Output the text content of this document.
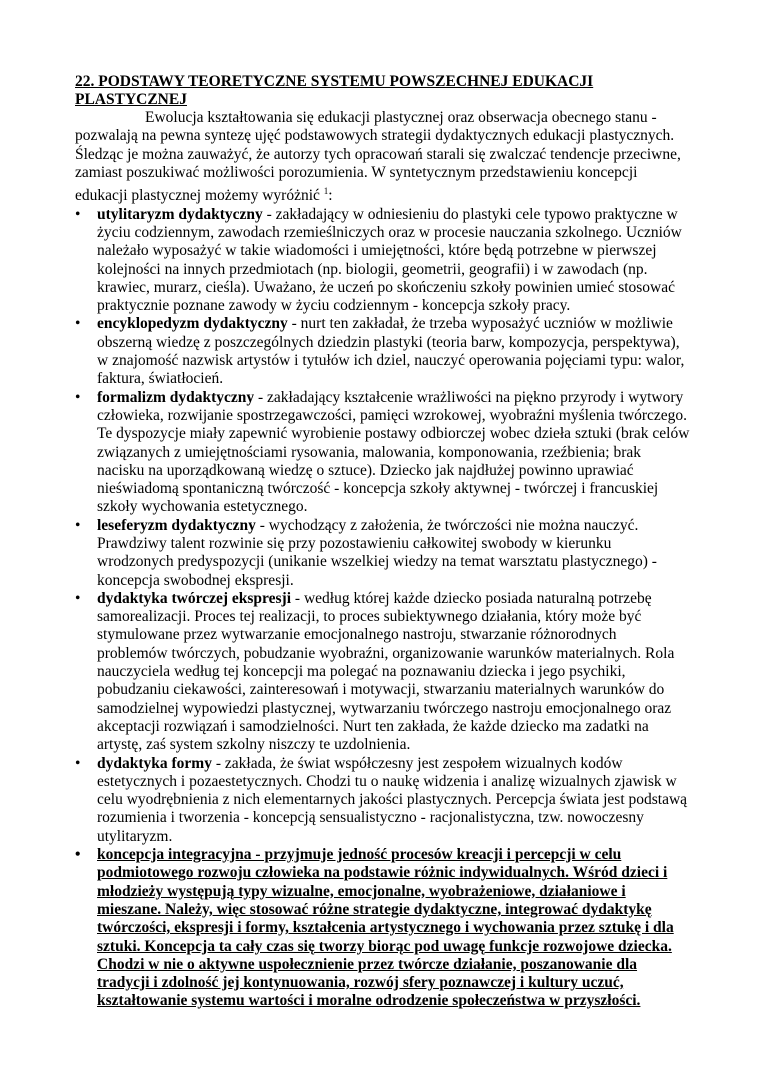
22. PODSTAWY TEORETYCZNE SYSTEMU POWSZECHNEJ EDUKACJI PLASTYCZNEJ

Ewolucja kształtowania się edukacji plastycznej oraz obserwacja obecnego stanu - pozwalają na pewna syntezę ujęć podstawowych strategii dydaktycznych edukacji plastycznych. Śledząc je można zauważyć, że autorzy tych opracowań starali się zwalczać tendencje przeciwne, zamiast poszukiwać możliwości porozumienia. W syntetycznym przedstawieniu koncepcji edukacji plastycznej możemy wyróżnić $^1$:

• utylitaryzm dydaktyczny - zakładający w odniesieniu do plastyki cele typowo praktyczne w życiu codziennym, zawodach rzemieślniczych oraz w procesie nauczania szkolnego. Uczniów należało wyposażyć w takie wiadomości i umiejętności, które będą potrzebne w pierwszej kolejności na innych przedmiotach (np. biologii, geometrii, geografii) i w zawodach (np. krawiec, murarz, cieśla). Uważano, że uczeń po skończeniu szkoły powinien umieć stosować praktycznie poznane zawody w życiu codziennym - koncepcja szkoły pracy.
• encyklopedyzm dydaktyczny - nurt ten zakładał, że trzeba wyposażyć uczniów w możliwie obszerną wiedzę z poszczególnych dziedzin plastyki (teoria barw, kompozycja, perspektywa), w znajomość nazwisk artystów i tytułów ich dziel, nauczyć operowania pojęciami typu: walor, faktura, światłocień.
• formalizm dydaktyczny - zakładający kształcenie wrażliwości na piękno przyrody i wytwory człowieka, rozwijanie spostrzegawczości, pamięci wzrokowej, wyobraźni myślenia twórczego. Te dyspozycje miały zapewnić wyrobienie postawy odbiorczej wobec dzieła sztuki (brak celów związanych z umiejętnościami rysowania, malowania, komponowania, rzeźbienia; brak nacisku na uporządkowaną wiedzę o sztuce). Dziecko jak najdłużej powinno uprawiać nieświadomą spontaniczną twórczość - koncepcja szkoły aktywnej - twórczej i francuskiej szkoły wychowania estetycznego.
• leseferyzm dydaktyczny - wychodzący z założenia, że twórczości nie można nauczyć. Prawdziwy talent rozwinie się przy pozostawieniu całkowitej swobody w kierunku wrodzonych predyspozycji (unikanie wszelkiej wiedzy na temat warsztatu plastycznego) - koncepcja swobodnej ekspresji.
• dydaktyka twórczej ekspresji - według której każde dziecko posiada naturalną potrzebę samorealizacji. Proces tej realizacji, to proces subiektywnego działania, który może być stymulowane przez wytwarzanie emocjonalnego nastroju, stwarzanie różnorodnych problemów twórczych, pobudzanie wyobraźni, organizowanie warunków materialnych. Rola nauczyciela według tej koncepcji ma polegać na poznawaniu dziecka i jego psychiki, pobudzaniu ciekawości, zainteresowań i motywacji, stwarzaniu materialnych warunków do samodzielnej wypowiedzi plastycznej, wytwarzaniu twórczego nastroju emocjonalnego oraz akceptacji rozwiązań i samodzielności. Nurt ten zakłada, że każde dziecko ma zadatki na artystę, zaś system szkolny niszczy te uzdolnienia.
• dydaktyka formy - zakłada, że świat współczesny jest zespołem wizualnych kodów estetycznych i pozaestetycznych. Chodzi tu o naukę widzenia i analizę wizualnych zjawisk w celu wyodrębnienia z nich elementarnych jakości plastycznych. Percepcja świata jest podstawą rozumienia i tworzenia - koncepcją sensualistyczno - racjonalistyczna, tzw. nowoczesny utylitaryzm.
• koncepcja integracyjna - przyjmuje jedność procesów kreacji i percepcji w celu podmiotowego rozwoju człowieka na podstawie różnic indywidualnych. Wśród dzieci i młodzieży występują typy wizualne, emocjonalne, wyobrażeniowe, działaniowe i mieszane. Należy, więc stosować różne strategie dydaktyczne, integrować dydaktykę twórczości, ekspresji i formy, kształcenia artystycznego i wychowania przez sztukę i dla sztuki. Koncepcja ta cały czas się tworzy biorąc pod uwagę funkcje rozwojowe dziecka. Chodzi w nie o aktywne uspołecznienie przez twórcze działanie, poszanowanie dla tradycji i zdolność jej kontynuowania, rozwój sfery poznawczej i kultury uczuć, kształtowanie systemu wartości i moralne odrodzenie społeczeństwa w przyszłości.
